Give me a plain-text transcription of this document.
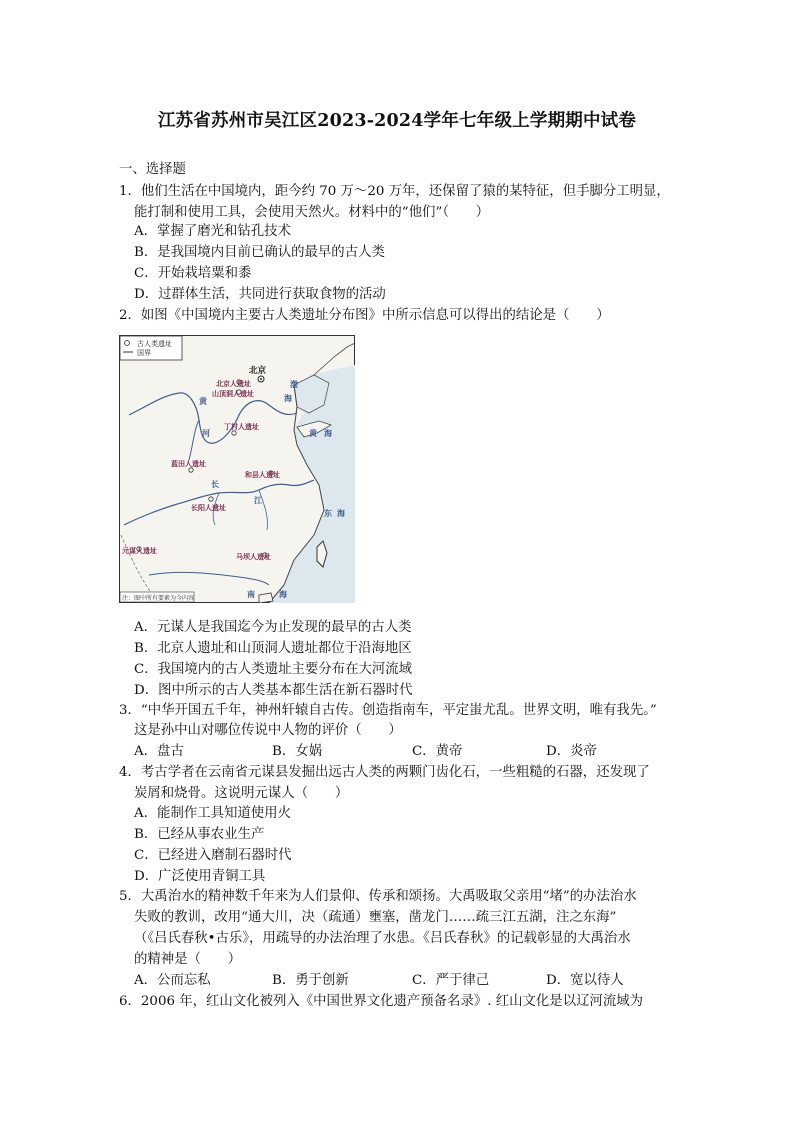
江苏省苏州市吴江区2023-2024学年七年级上学期期中试卷
一、选择题
1．他们生活在中国境内，距今约 70 万～20 万年，还保留了猿的某特征，但手脚分工明显，
能打制和使用工具，会使用天然火。材料中的“他们”（　　）
A．掌握了磨光和钻孔技术
B．是我国境内目前已确认的最早的古人类
C．开始栽培粟和黍
D．过群体生活，共同进行获取食物的活动
2．如图《中国境内主要古人类遗址分布图》中所示信息可以得出的结论是（　　）
古人类遗址
国界
北京
北京人遗址
山顶洞人遗址
丁村人遗址
蓝田人遗址
和县人遗址
长阳人遗址
元谋人遗址
马坝人遗址
渤
海
黄
河	黄 海
长
江
东 海
南	海
注：图中所有要素为今内容
A．元谋人是我国迄今为止发现的最早的古人类
B．北京人遗址和山顶洞人遗址都位于沿海地区
C．我国境内的古人类遗址主要分布在大河流域
D．图中所示的古人类基本都生活在新石器时代
3．“中华开国五千年，神州轩辕自古传。创造指南车，平定蚩尤乱。世界文明，唯有我先。”
这是孙中山对哪位传说中人物的评价（　　）
A．盘古	B．女娲	C．黄帝	D．炎帝
4．考古学者在云南省元谋县发掘出远古人类的两颗门齿化石，一些粗糙的石器，还发现了
炭屑和烧骨。这说明元谋人（　　）
A．能制作工具知道使用火
B．已经从事农业生产
C．已经进入磨制石器时代
D．广泛使用青铜工具
5．大禹治水的精神数千年来为人们景仰、传承和颂扬。大禹吸取父亲用“堵”的办法治水
失败的教训，改用“通大川，决（疏通）壅塞，凿龙门……疏三江五湖，注之东海”
（《吕氏春秋•古乐》，用疏导的办法治理了水患。《吕氏春秋》的记载彰显的大禹治水
的精神是（　　）
A．公而忘私	B．勇于创新	C．严于律己	D．宽以待人
6．2006 年，红山文化被列入《中国世界文化遗产预备名录》. 红山文化是以辽河流域为
